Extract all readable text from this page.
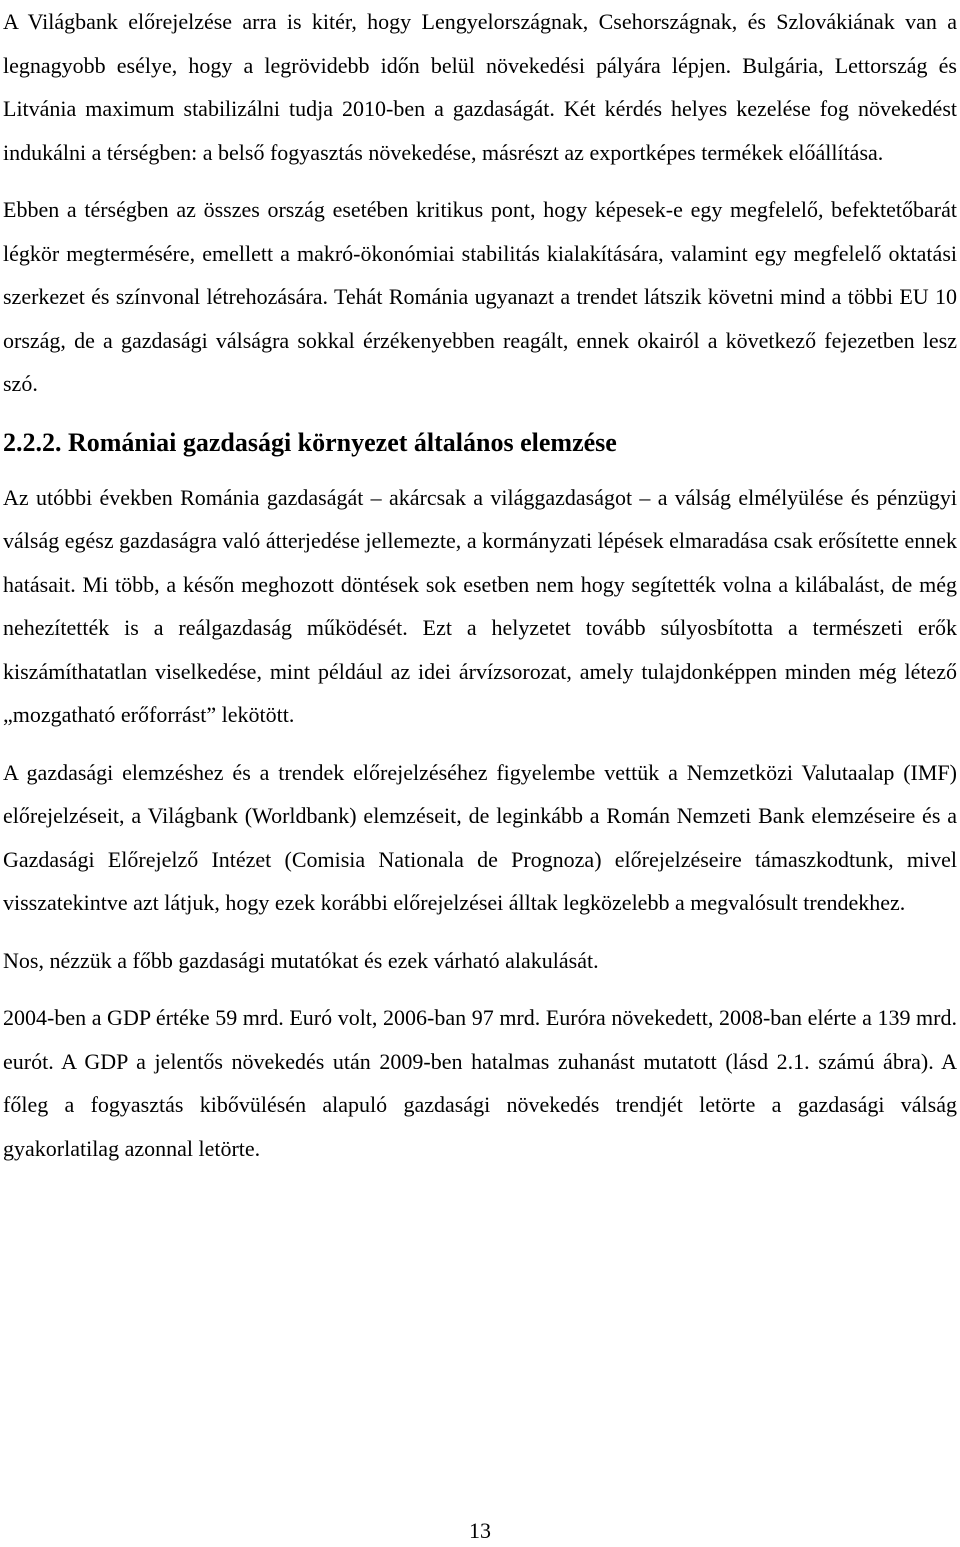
A Világbank előrejelzése arra is kitér, hogy Lengyelországnak, Csehországnak, és Szlovákiának van a legnagyobb esélye, hogy a legrövidebb időn belül növekedési pályára lépjen. Bulgária, Lettország és Litvánia maximum stabilizálni tudja 2010-ben a gazdaságát. Két kérdés helyes kezelése fog növekedést indukálni a térségben: a belső fogyasztás növekedése, másrészt az exportképes termékek előállítása.

Ebben a térségben az összes ország esetében kritikus pont, hogy képesek-e egy megfelelő, befektetőbarát légkör megtermésére, emellett a makró-ökonómiai stabilitás kialakítására, valamint egy megfelelő oktatási szerkezet és színvonal létrehozására. Tehát Románia ugyanazt a trendet látszik követni mind a többi EU 10 ország, de a gazdasági válságra sokkal érzékenyebben reagált, ennek okairól a következő fejezetben lesz szó.

2.2.2. Romániai gazdasági környezet általános elemzése

Az utóbbi években Románia gazdaságát – akárcsak a világgazdaságot – a válság elmélyülése és pénzügyi válság egész gazdaságra való átterjedése jellemezte, a kormányzati lépések elmaradása csak erősítette ennek hatásait. Mi több, a későn meghozott döntések sok esetben nem hogy segítették volna a kilábalást, de még nehezítették is a reálgazdaság működését. Ezt a helyzetet tovább súlyosbította a természeti erők kiszámíthatatlan viselkedése, mint például az idei árvízsorozat, amely tulajdonképpen minden még létező „mozgatható erőforrást” lekötött.

A gazdasági elemzéshez és a trendek előrejelzéséhez figyelembe vettük a Nemzetközi Valutaalap (IMF) előrejelzéseit, a Világbank (Worldbank) elemzéseit, de leginkább a Román Nemzeti Bank elemzéseire és a Gazdasági Előrejelző Intézet (Comisia Nationala de Prognoza) előrejelzéseire támaszkodtunk, mivel visszatekintve azt látjuk, hogy ezek korábbi előrejelzései álltak legközelebb a megvalósult trendekhez.

Nos, nézzük a főbb gazdasági mutatókat és ezek várható alakulását.

2004-ben a GDP értéke 59 mrd. Euró volt, 2006-ban 97 mrd. Euróra növekedett, 2008-ban elérte a 139 mrd. eurót. A GDP a jelentős növekedés után 2009-ben hatalmas zuhanást mutatott (lásd 2.1. számú ábra). A főleg a fogyasztás kibővülésén alapuló gazdasági növekedés trendjét letörte a gazdasági válság gyakorlatilag azonnal letörte.

13
